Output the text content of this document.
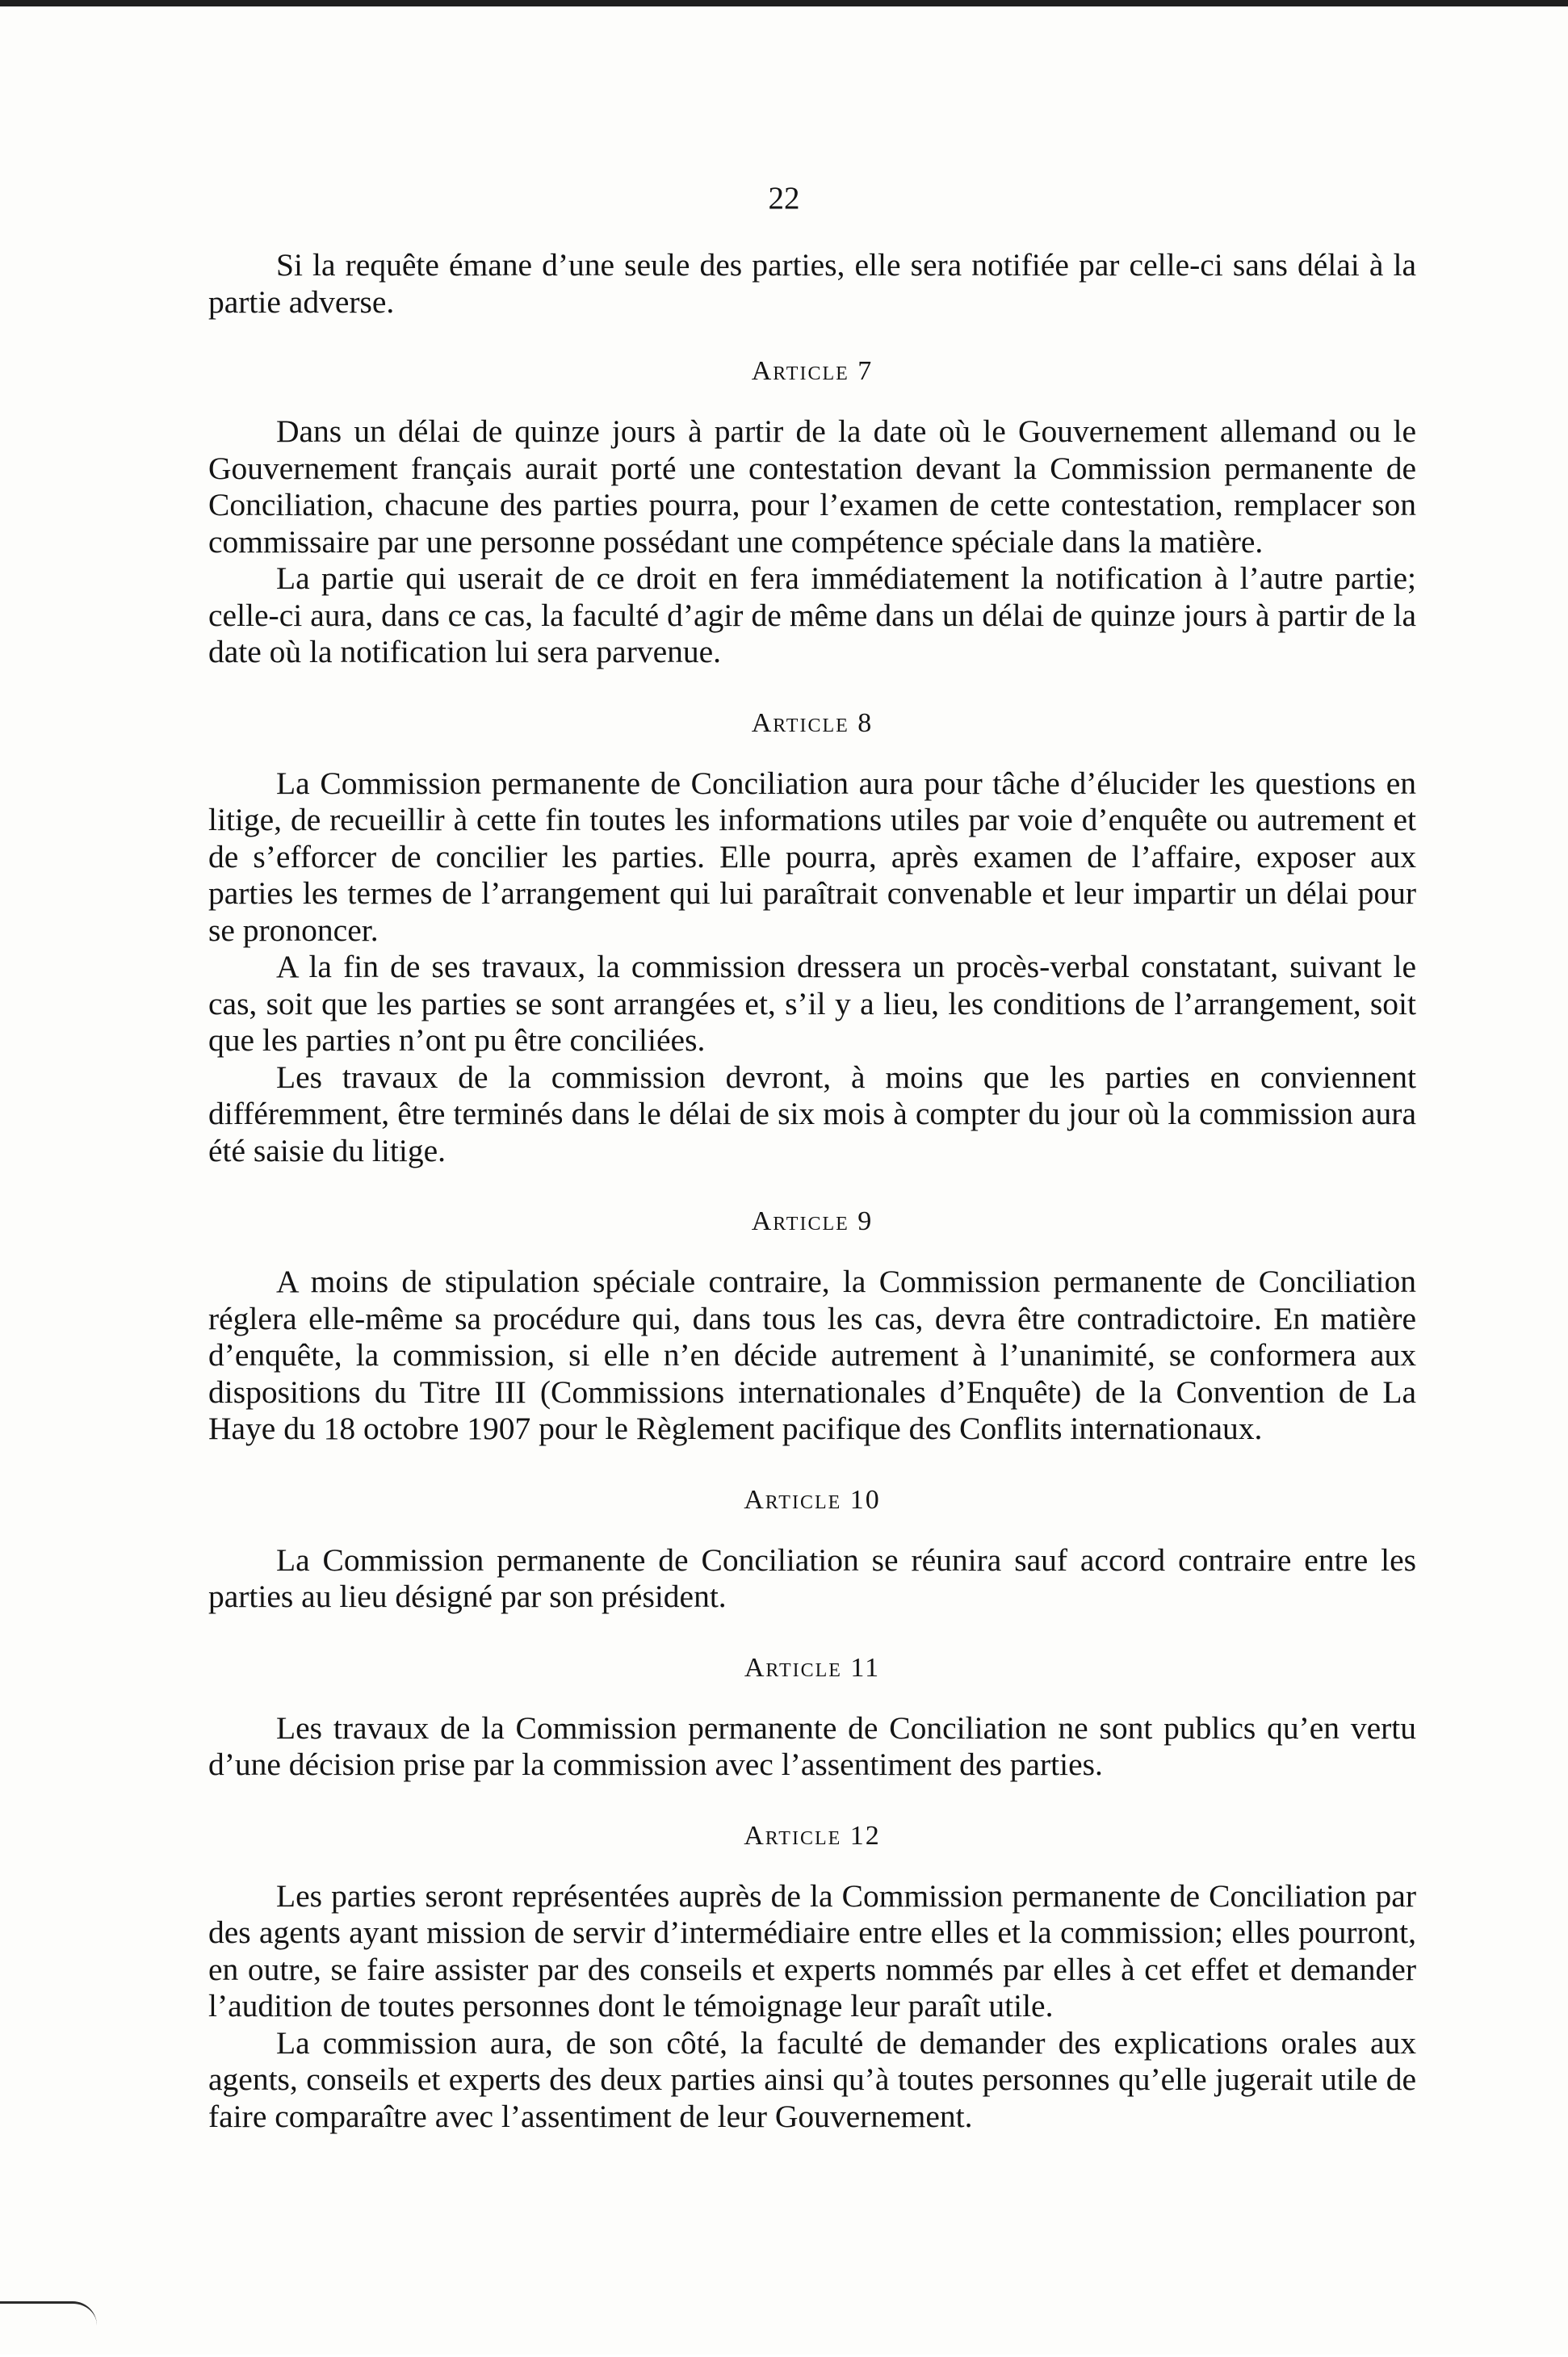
22

Si la requête émane d’une seule des parties, elle sera notifiée par celle-ci sans délai à la partie adverse.

Article 7

Dans un délai de quinze jours à partir de la date où le Gouvernement allemand ou le Gouvernement français aurait porté une contestation devant la Commission permanente de Conciliation, chacune des parties pourra, pour l’examen de cette contestation, remplacer son commissaire par une personne possédant une compétence spéciale dans la matière.

La partie qui userait de ce droit en fera immédiatement la notification à l’autre partie; celle-ci aura, dans ce cas, la faculté d’agir de même dans un délai de quinze jours à partir de la date où la notification lui sera parvenue.

Article 8

La Commission permanente de Conciliation aura pour tâche d’élucider les questions en litige, de recueillir à cette fin toutes les informations utiles par voie d’enquête ou autrement et de s’efforcer de concilier les parties. Elle pourra, après examen de l’affaire, exposer aux parties les termes de l’arrangement qui lui paraîtrait convenable et leur impartir un délai pour se prononcer.

A la fin de ses travaux, la commission dressera un procès-verbal constatant, suivant le cas, soit que les parties se sont arrangées et, s’il y a lieu, les conditions de l’arrangement, soit que les parties n’ont pu être conciliées.

Les travaux de la commission devront, à moins que les parties en conviennent différemment, être terminés dans le délai de six mois à compter du jour où la commission aura été saisie du litige.

Article 9

A moins de stipulation spéciale contraire, la Commission permanente de Conciliation réglera elle-même sa procédure qui, dans tous les cas, devra être contradictoire. En matière d’enquête, la commission, si elle n’en décide autrement à l’unanimité, se conformera aux dispositions du Titre III (Commissions internationales d’Enquête) de la Convention de La Haye du 18 octobre 1907 pour le Règlement pacifique des Conflits internationaux.

Article 10

La Commission permanente de Conciliation se réunira sauf accord contraire entre les parties au lieu désigné par son président.

Article 11

Les travaux de la Commission permanente de Conciliation ne sont publics qu’en vertu d’une décision prise par la commission avec l’assentiment des parties.

Article 12

Les parties seront représentées auprès de la Commission permanente de Conciliation par des agents ayant mission de servir d’intermédiaire entre elles et la commission; elles pourront, en outre, se faire assister par des conseils et experts nommés par elles à cet effet et demander l’audition de toutes personnes dont le témoignage leur paraît utile.

La commission aura, de son côté, la faculté de demander des explications orales aux agents, conseils et experts des deux parties ainsi qu’à toutes personnes qu’elle jugerait utile de faire comparaître avec l’assentiment de leur Gouvernement.
